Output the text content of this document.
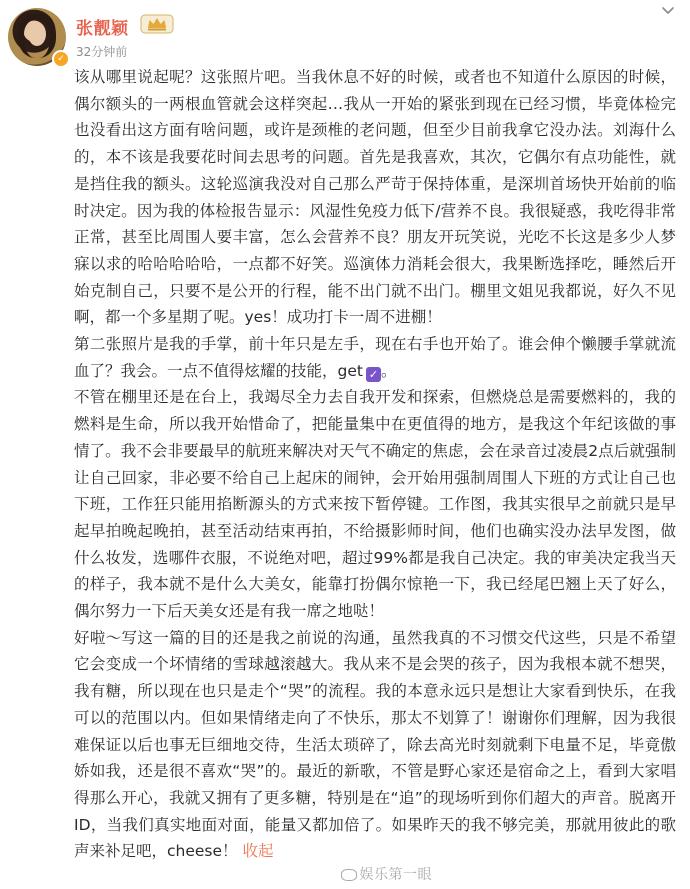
✓
张靓颖
32分钟前

该从哪里说起呢？这张照片吧。当我休息不好的时候，或者也不知道什么原因的时候，偶尔额头的一两根血管就会这样突起…我从一开始的紧张到现在已经习惯，毕竟体检完也没看出这方面有啥问题，或许是颈椎的老问题，但至少目前我拿它没办法。刘海什么的，本不该是我要花时间去思考的问题。首先是我喜欢，其次，它偶尔有点功能性，就是挡住我的额头。这轮巡演我没对自己那么严苛于保持体重，是深圳首场快开始前的临时决定。因为我的体检报告显示：风湿性免疫力低下/营养不良。我很疑惑，我吃得非常正常，甚至比周围人要丰富，怎么会营养不良？朋友开玩笑说，光吃不长这是多少人梦寐以求的哈哈哈哈哈，一点都不好笑。巡演体力消耗会很大，我果断选择吃，睡然后开始克制自己，只要不是公开的行程，能不出门就不出门。棚里文姐见我都说，好久不见啊，都一个多星期了呢。yes！成功打卡一周不进棚！

第二张照片是我的手掌，前十年只是左手，现在右手也开始了。谁会伸个懒腰手掌就流血了？我会。一点不值得炫耀的技能，get ✓ 。

不管在棚里还是在台上，我竭尽全力去自我开发和探索，但燃烧总是需要燃料的，我的燃料是生命，所以我开始惜命了，把能量集中在更值得的地方，是我这个年纪该做的事情了。我不会非要最早的航班来解决对天气不确定的焦虑，会在录音过凌晨2点后就强制让自己回家，非必要不给自己上起床的闹钟，会开始用强制周围人下班的方式让自己也下班，工作狂只能用掐断源头的方式来按下暂停键。工作图，我其实很早之前就只是早起早拍晚起晚拍，甚至活动结束再拍，不给摄影师时间，他们也确实没办法早发图，做什么妆发，选哪件衣服，不说绝对吧，超过99%都是我自己决定。我的审美决定我当天的样子，我本就不是什么大美女，能靠打扮偶尔惊艳一下，我已经尾巴翘上天了好么，偶尔努力一下后天美女还是有我一席之地哒！

好啦～写这一篇的目的还是我之前说的沟通，虽然我真的不习惯交代这些，只是不希望它会变成一个坏情绪的雪球越滚越大。我从来不是会哭的孩子，因为我根本就不想哭，我有糖，所以现在也只是走个“哭”的流程。我的本意永远只是想让大家看到快乐，在我可以的范围以内。但如果情绪走向了不快乐，那太不划算了！谢谢你们理解，因为我很难保证以后也事无巨细地交待，生活太琐碎了，除去高光时刻就剩下电量不足，毕竟傲娇如我，还是很不喜欢“哭”的。最近的新歌，不管是野心家还是宿命之上，看到大家唱得那么开心，我就又拥有了更多糖，特别是在“追”的现场听到你们超大的声音。脱离开ID，当我们真实地面对面，能量又都加倍了。如果昨天的我不够完美，那就用彼此的歌声来补足吧，cheese！ 收起

娱乐第一眼
